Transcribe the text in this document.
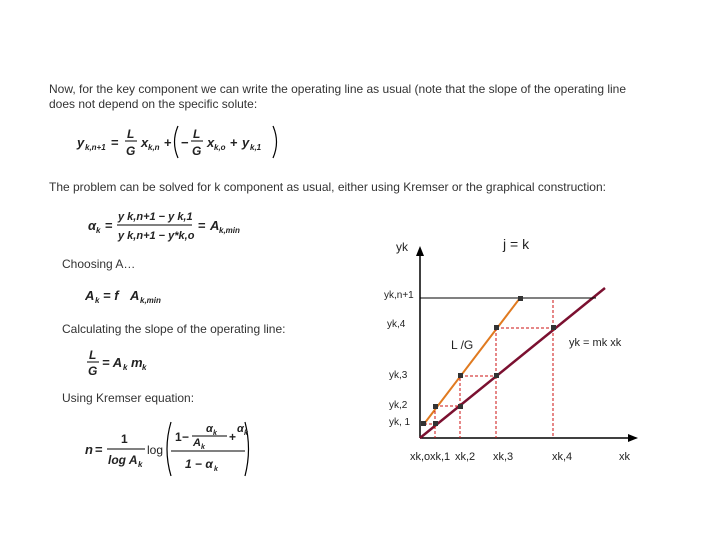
Now, for the key component we can write the operating line as usual (note that the slope of the operating line does not depend on the specific solute:
y k,n+1 =
L
G
x k,n + −
L
G
x k,o + y k,1
The problem can be solved for k component as usual, either using Kremser or the graphical construction:
α k =
y k,n+1 − y k,1
y k,n+1 − y*k,o
= A k,min
Choosing A…
A k = f A k,min
Calculating the slope of the operating line:
L
G
= A k m k
Using Kremser equation:
n =
1
log A k
log
1 −
α k
A k
+
α k
1 − α k
yk	j = k
yk = mk xk
L /G
yk,n+1
yk,4
yk,3
yk,2
yk, 1
xk,o xk,1 xk,2 xk,3	xk,4	xk
